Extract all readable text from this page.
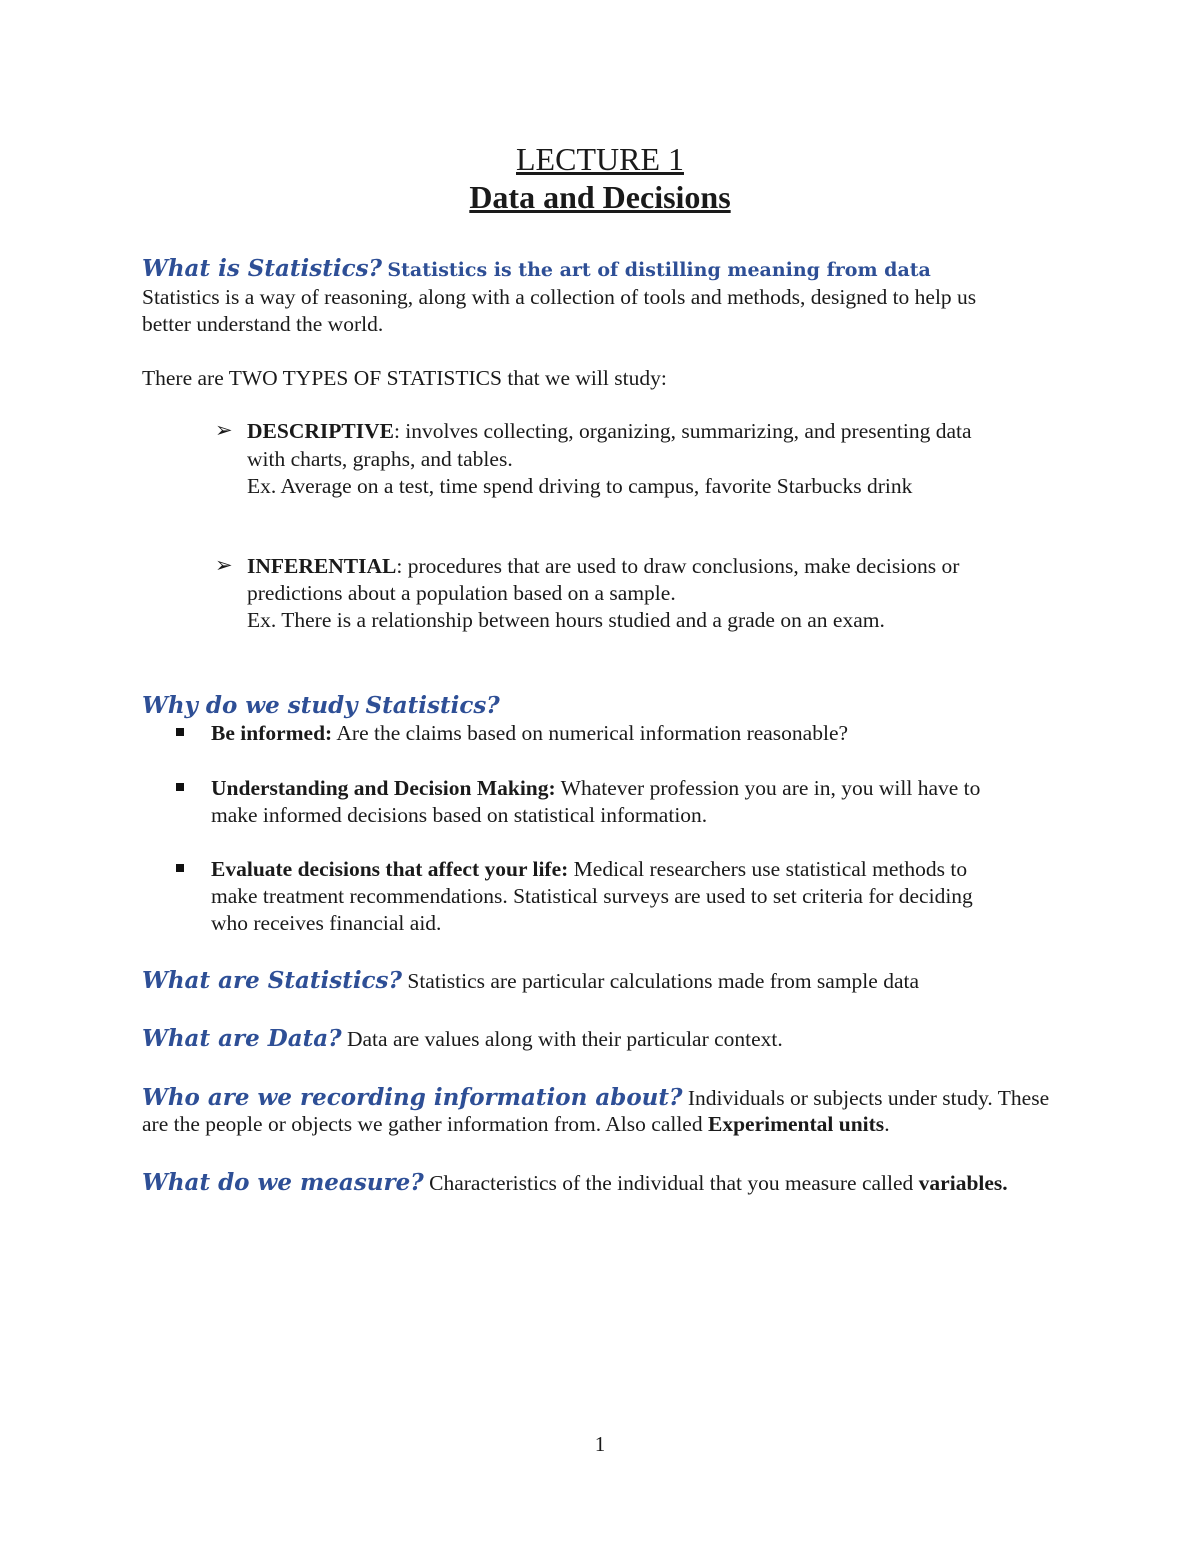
LECTURE 1
Data and Decisions
What is Statistics? Statistics is the art of distilling meaning from data
Statistics is a way of reasoning, along with a collection of tools and methods, designed to help us
better understand the world.
There are TWO TYPES OF STATISTICS that we will study:
➢ DESCRIPTIVE: involves collecting, organizing, summarizing, and presenting data
with charts, graphs, and tables.
Ex. Average on a test, time spend driving to campus, favorite Starbucks drink
➢ INFERENTIAL: procedures that are used to draw conclusions, make decisions or
predictions about a population based on a sample.
Ex. There is a relationship between hours studied and a grade on an exam.
Why do we study Statistics?
Be informed: Are the claims based on numerical information reasonable?
Understanding and Decision Making: Whatever profession you are in, you will have to
make informed decisions based on statistical information.
Evaluate decisions that affect your life: Medical researchers use statistical methods to
make treatment recommendations. Statistical surveys are used to set criteria for deciding
who receives financial aid.
What are Statistics? Statistics are particular calculations made from sample data
What are Data? Data are values along with their particular context.
Who are we recording information about? Individuals or subjects under study. These
are the people or objects we gather information from. Also called Experimental units.
What do we measure? Characteristics of the individual that you measure called variables.
1
